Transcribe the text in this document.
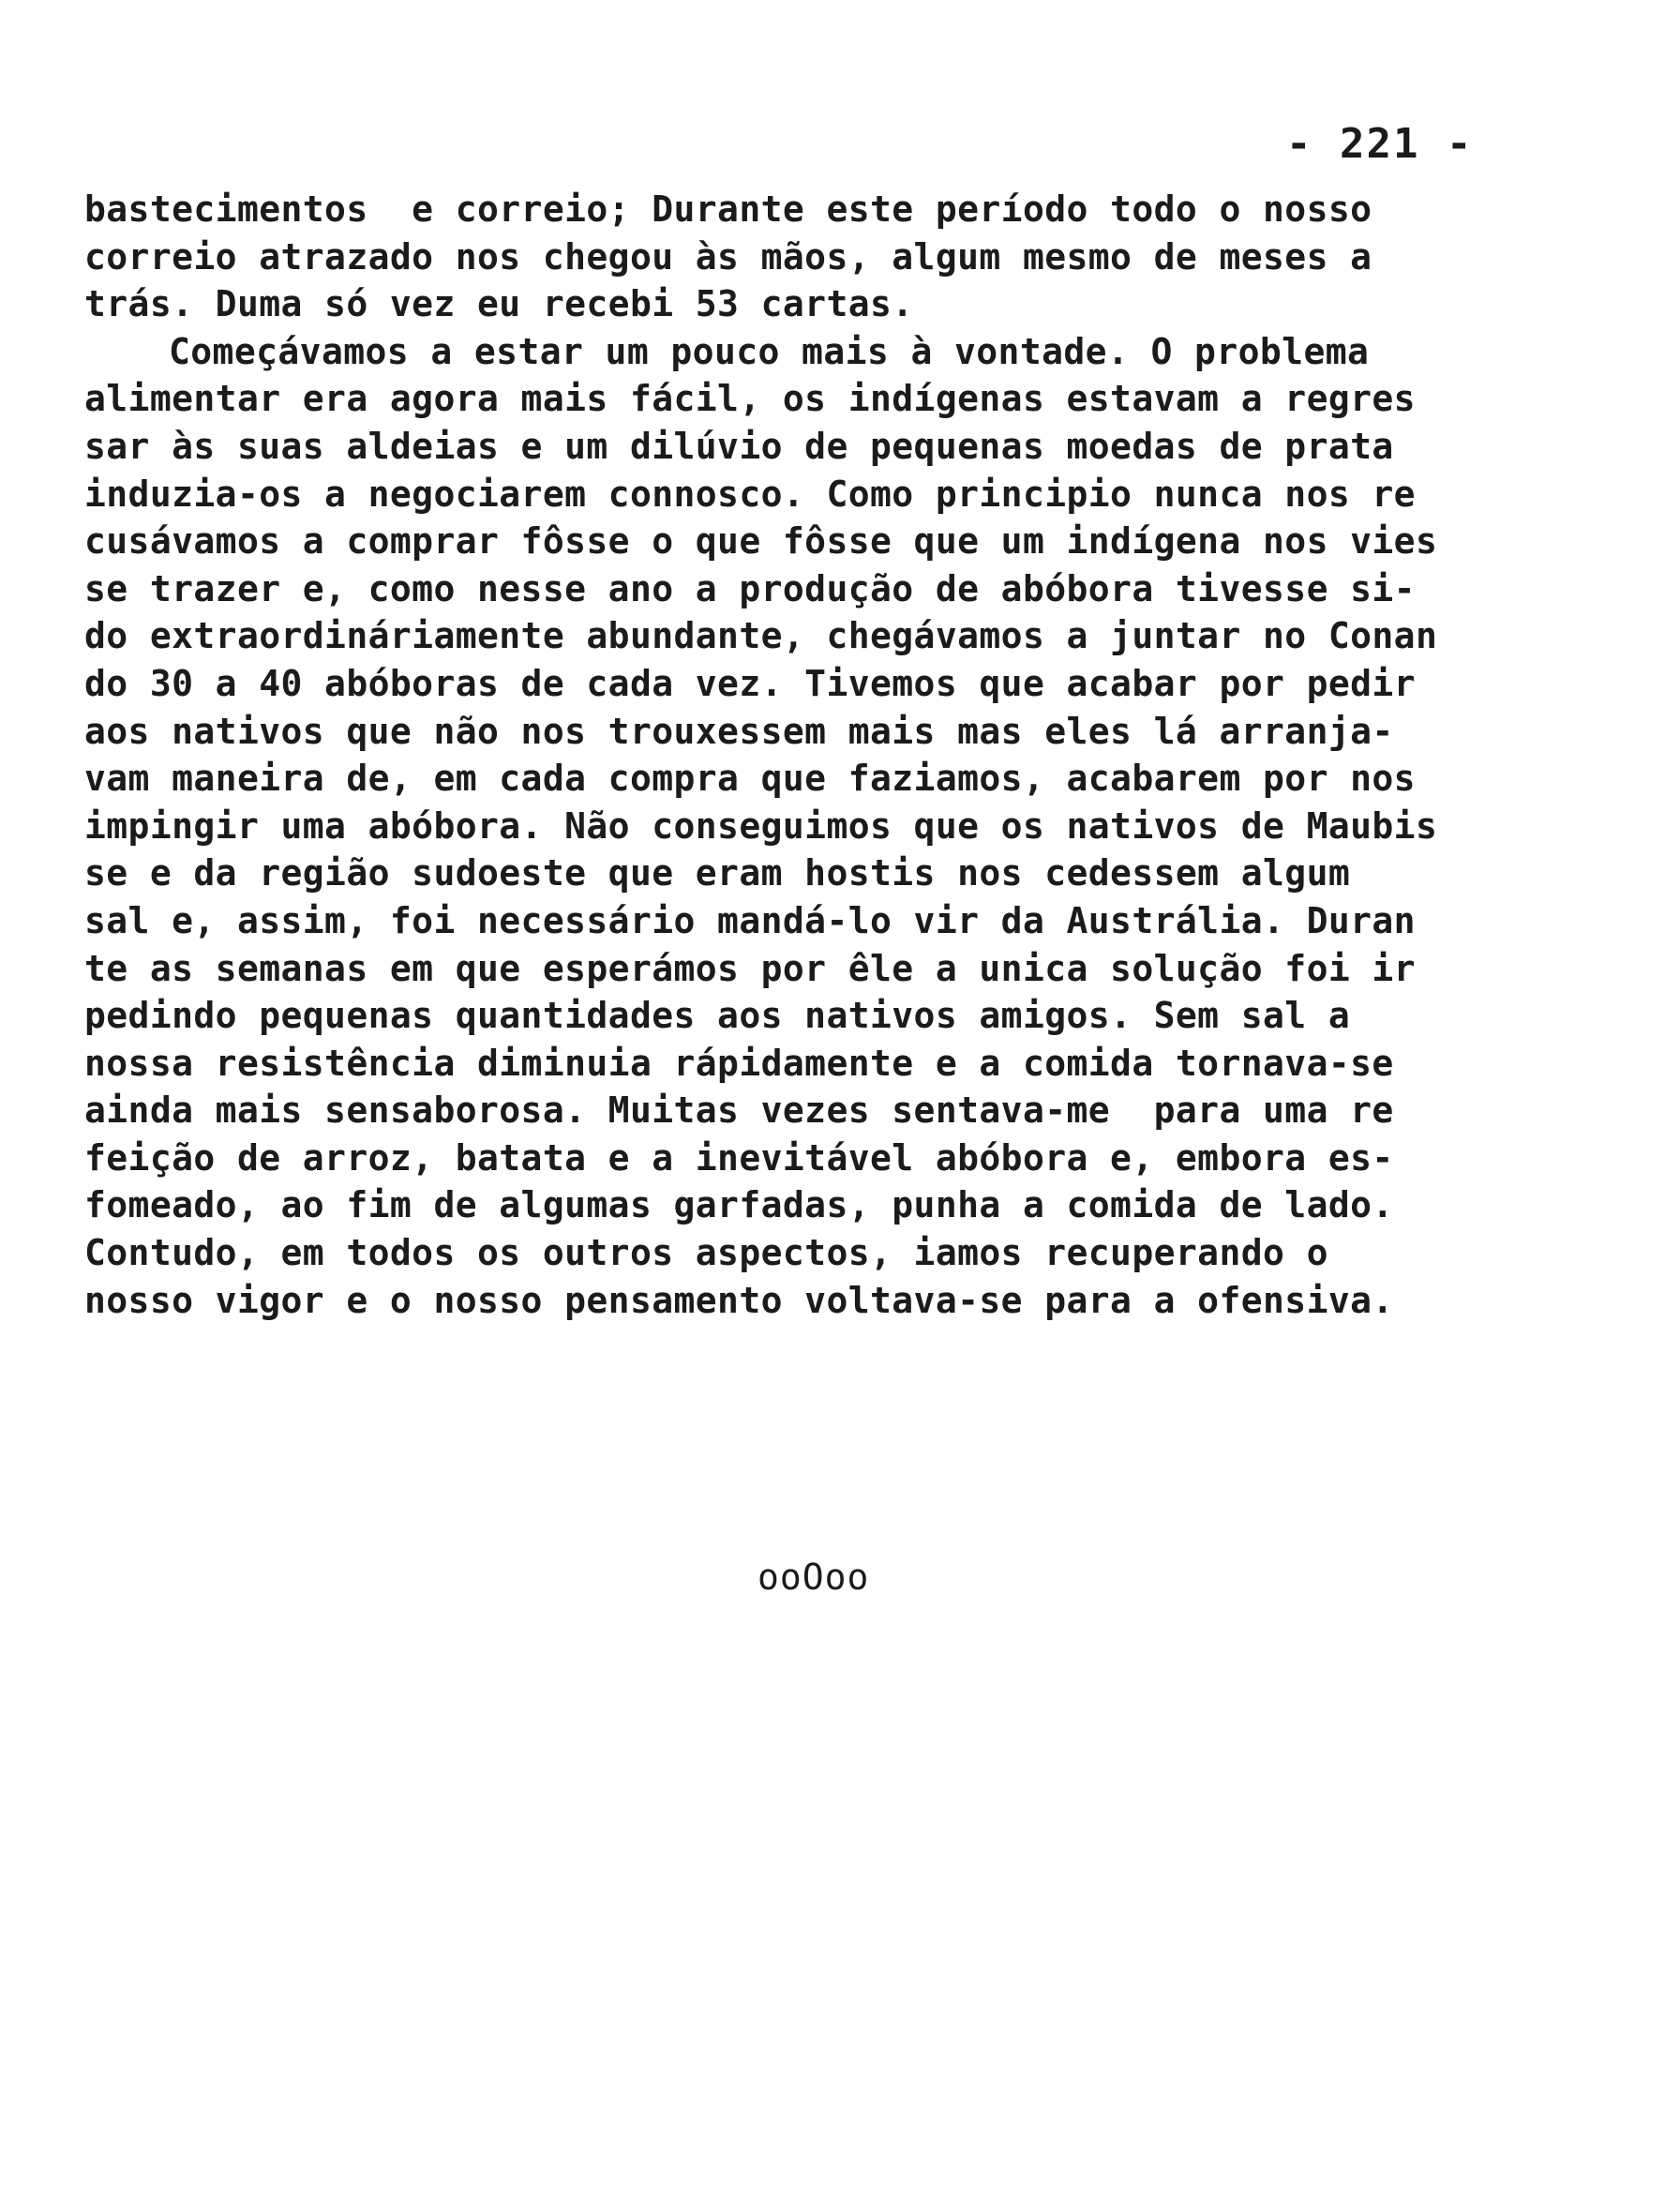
- 221 -
bastecimentos  e correio; Durante este período todo o nosso
correio atrazado nos chegou às mãos, algum mesmo de meses a
trás. Duma só vez eu recebi 53 cartas.
Começávamos a estar um pouco mais à vontade. O problema
alimentar era agora mais fácil, os indígenas estavam a regres
sar às suas aldeias e um dilúvio de pequenas moedas de prata
induzia-os a negociarem connosco. Como principio nunca nos re
cusávamos a comprar fôsse o que fôsse que um indígena nos vies
se trazer e, como nesse ano a produção de abóbora tivesse si-
do extraordináriamente abundante, chegávamos a juntar no Conan
do 30 a 40 abóboras de cada vez. Tivemos que acabar por pedir
aos nativos que não nos trouxessem mais mas eles lá arranja-
vam maneira de, em cada compra que faziamos, acabarem por nos
impingir uma abóbora. Não conseguimos que os nativos de Maubis
se e da região sudoeste que eram hostis nos cedessem algum
sal e, assim, foi necessário mandá-lo vir da Austrália. Duran
te as semanas em que esperámos por êle a unica solução foi ir
pedindo pequenas quantidades aos nativos amigos. Sem sal a
nossa resistência diminuia rápidamente e a comida tornava-se
ainda mais sensaborosa. Muitas vezes sentava-me  para uma re
feição de arroz, batata e a inevitável abóbora e, embora es-
fomeado, ao fim de algumas garfadas, punha a comida de lado.
Contudo, em todos os outros aspectos, iamos recuperando o
nosso vigor e o nosso pensamento voltava-se para a ofensiva.
ooOoo
